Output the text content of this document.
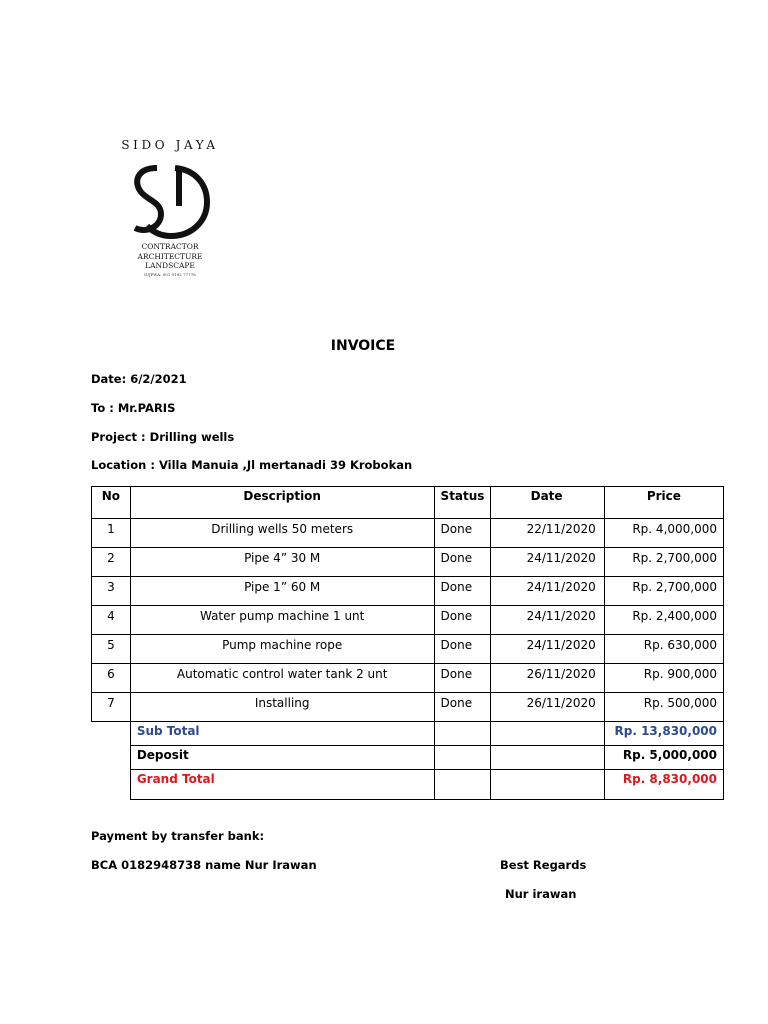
SIDO JAYA
CONTRACTOR
ARCHITECTURE
LANDSCAPE
IUJPWA: 001 5192 77776
INVOICE
Date: 6/2/2021
To : Mr.PARIS
Project : Drilling wells
Location : Villa Manuia ,Jl mertanadi 39 Krobokan
No	Description	Status	Date	Price
1	Drilling wells 50 meters	Done	22/11/2020	Rp. 4,000,000
2	Pipe 4” 30 M	Done	24/11/2020	Rp. 2,700,000
3	Pipe 1” 60 M	Done	24/11/2020	Rp. 2,700,000
4	Water pump machine 1 unt	Done	24/11/2020	Rp. 2,400,000
5	Pump machine rope	Done	24/11/2020	Rp. 630,000
6	Automatic control water tank 2 unt	Done	26/11/2020	Rp. 900,000
7	Installing	Done	26/11/2020	Rp. 500,000
	Sub Total			Rp. 13,830,000
	Deposit			Rp. 5,000,000
	Grand Total			Rp. 8,830,000
Payment by transfer bank:
BCA 0182948738 name Nur Irawan	Best Regards
Nur irawan
